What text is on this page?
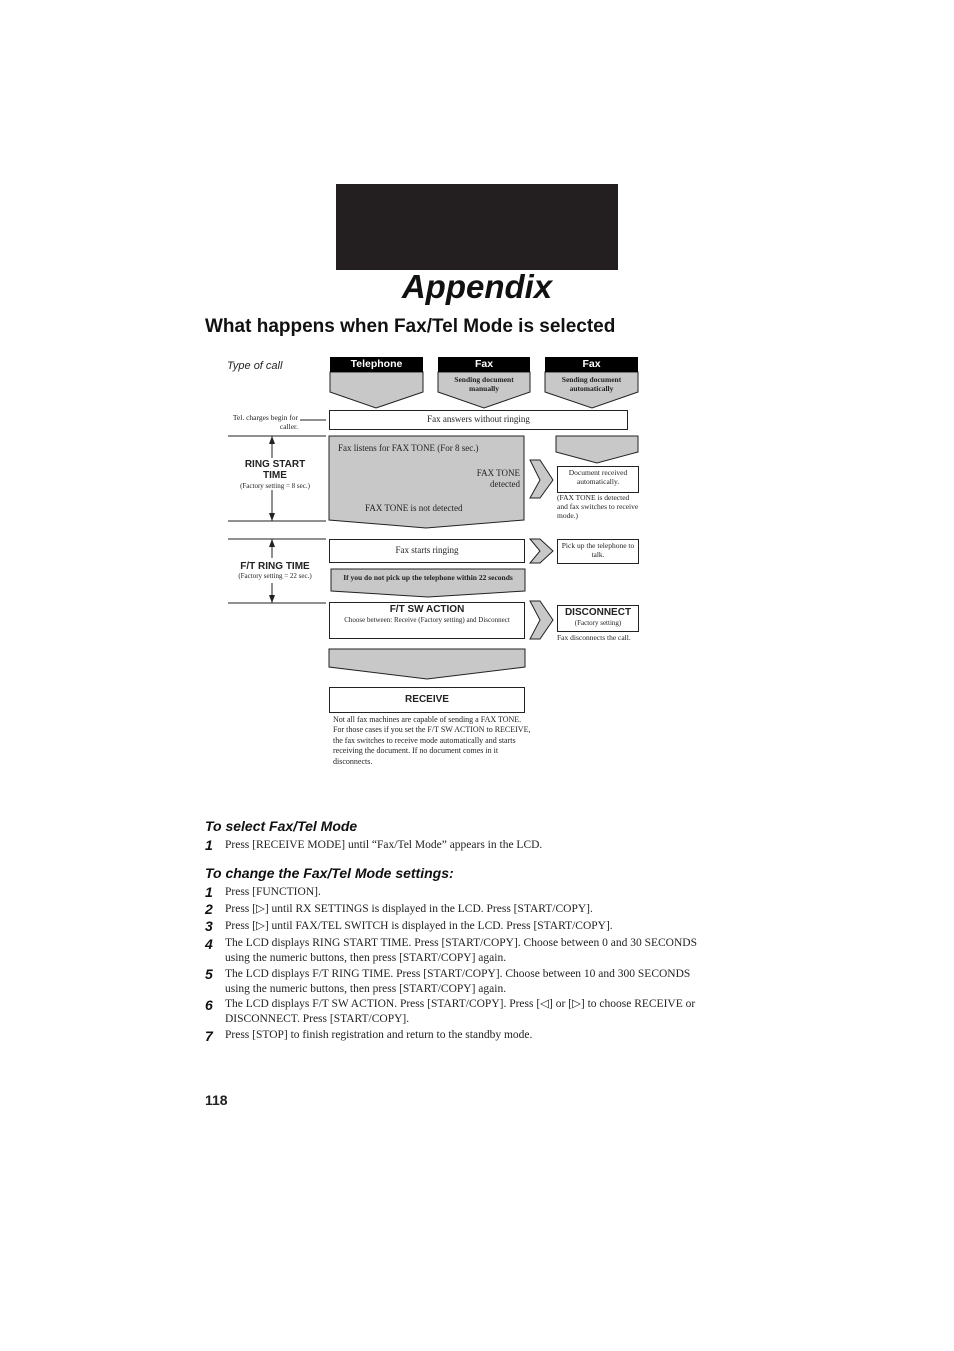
Appendix
What happens when Fax/Tel Mode is selected
Type of call	Telephone	Fax	Fax
Sending document manually
Sending document automatically
Tel. charges begin for caller.
Fax answers without ringing
RING START TIME
(Factory setting = 8 sec.)
Fax listens for FAX TONE (For 8 sec.)
FAX TONE detected
FAX TONE is not detected
Document received automatically.
(FAX TONE is detected and fax switches to receive mode.)
F/T RING TIME
(Factory setting = 22 sec.)
Fax starts ringing	Pick up the telephone to talk.
If you do not pick up the telephone within 22 seconds
F/T SW ACTION
Choose between: Receive (Factory setting) and Disconnect
DISCONNECT
(Factory setting)
Fax disconnects the call.
RECEIVE
Not all fax machines are capable of sending a FAX TONE. For those cases if you set the F/T SW ACTION to RECEIVE, the fax switches to receive mode automatically and starts receiving the document. If no document comes in it disconnects.
To select Fax/Tel Mode
1 Press [RECEIVE MODE] until “Fax/Tel Mode” appears in the LCD.
To change the Fax/Tel Mode settings:
1 Press [FUNCTION].
2 Press [▷] until RX SETTINGS is displayed in the LCD. Press [START/COPY].
3 Press [▷] until FAX/TEL SWITCH is displayed in the LCD. Press [START/COPY].
4 The LCD displays RING START TIME. Press [START/COPY]. Choose between 0 and 30 SECONDS using the numeric buttons, then press [START/COPY] again.
5 The LCD displays F/T RING TIME. Press [START/COPY]. Choose between 10 and 300 SECONDS using the numeric buttons, then press [START/COPY] again.
6 The LCD displays F/T SW ACTION. Press [START/COPY]. Press [◁] or [▷] to choose RECEIVE or DISCONNECT. Press [START/COPY].
7 Press [STOP] to finish registration and return to the standby mode.
118
